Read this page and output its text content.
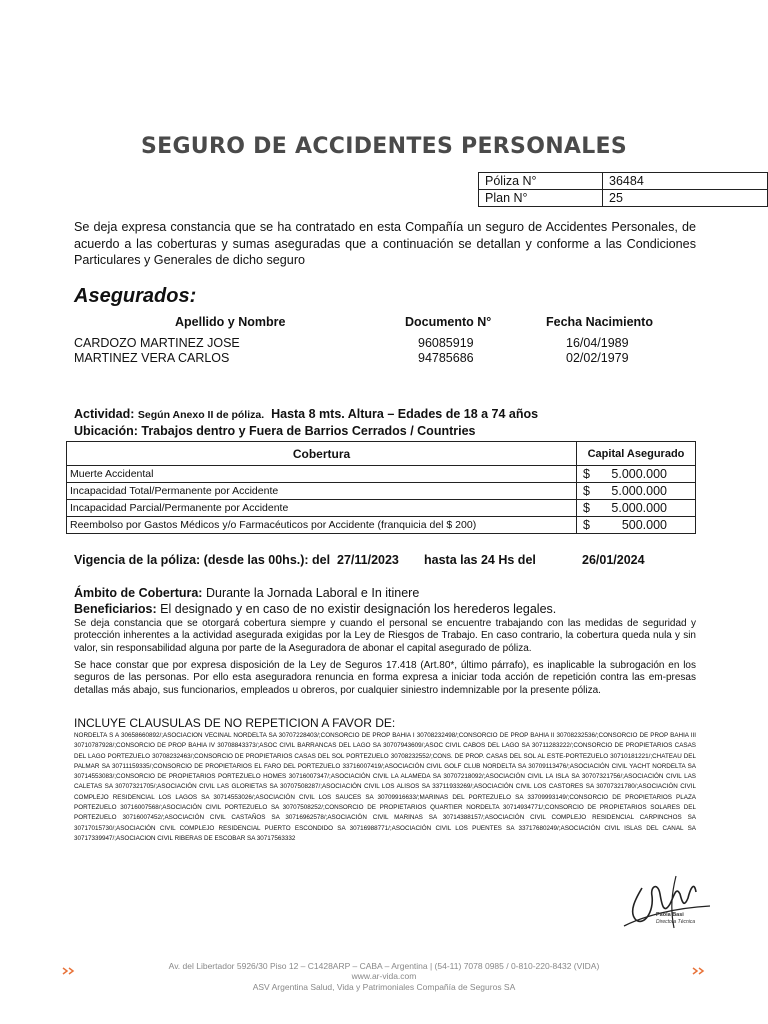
SEGURO DE ACCIDENTES PERSONALES
Póliza N°	36484
Plan N°	25

Se deja expresa constancia que se ha contratado en esta Compañía un seguro de Accidentes Personales, de acuerdo a las coberturas y sumas aseguradas que a continuación se detallan y conforme a las Condiciones Particulares y Generales de dicho seguro

Asegurados:
Apellido y Nombre	Documento N°	Fecha Nacimiento
CARDOZO MARTINEZ JOSE	96085919	16/04/1989
MARTINEZ VERA CARLOS	94785686	02/02/1979
Actividad: Según Anexo II de póliza. Hasta 8 mts. Altura – Edades de 18 a 74 años
Ubicación: Trabajos dentro y Fuera de Barrios Cerrados / Countries
Cobertura	Capital Asegurado
Muerte Accidental	$ 5.000.000

Incapacidad Total/Permanente por Accidente	$ 5.000.000

Incapacidad Parcial/Permanente por Accidente	$ 5.000.000

Reembolso por Gastos Médicos y/o Farmacéuticos por Accidente (franquicia del $ 200)	$ 500.000
Vigencia de la póliza: (desde las 00hs.): del 27/11/2023 hasta las 24 Hs del	26/01/2024
Ámbito de Cobertura: Durante la Jornada Laboral e In itinere
Beneficiarios: El designado y en caso de no existir designación los herederos legales.

Se deja constancia que se otorgará cobertura siempre y cuando el personal se encuentre trabajando con las medidas de seguridad y protección inherentes a la actividad asegurada exigidas por la Ley de Riesgos de Trabajo. En caso contrario, la cobertura queda nula y sin valor, sin responsabilidad alguna por parte de la Aseguradora de abonar el capital asegurado de póliza.

Se hace constar que por expresa disposición de la Ley de Seguros 17.418 (Art.80*, último párrafo), es inaplicable la subrogación en los seguros de las personas. Por ello esta aseguradora renuncia en forma expresa a iniciar toda acción de repetición contra las em-presas detallas más abajo, sus funcionarios, empleados u obreros, por cualquier siniestro indemnizable por la presente póliza.

INCLUYE CLAUSULAS DE NO REPETICION A FAVOR DE:

NORDELTA S A 30658660892/;ASOCIACION VECINAL NORDELTA SA 30707228403/;CONSORCIO DE PROP BAHIA I 30708232498/;CONSORCIO DE PROP BAHIA II 30708232536/;CONSORCIO DE PROP BAHIA III 30710787928/;CONSORCIO DE PROP BAHIA IV 30708843373/;ASOC CIVIL BARRANCAS DEL LAGO SA 30707943609/;ASOC CIVIL CABOS DEL LAGO SA 30711283222/;CONSORCIO DE PROPIETARIOS CASAS DEL LAGO PORTEZUELO 30708232463/;CONSORCIO DE PROPIETARIOS CASAS DEL SOL PORTEZUELO 30708232552/;CONS. DE PROP. CASAS DEL SOL AL ESTE-PORTEZUELO 30710181221/;CHATEAU DEL PALMAR SA 30711159335/;CONSORCIO DE PROPIETARIOS EL FARO DEL PORTEZUELO 33716007419/;ASOCIACIÓN CIVIL GOLF CLUB NORDELTA SA 30709113476/;ASOCIACIÓN CIVIL YACHT NORDELTA SA 30714553083/;CONSORCIO DE PROPIETARIOS PORTEZUELO HOMES 30716007347/;ASOCIACIÓN CIVIL LA ALAMEDA SA 30707218092/;ASOCIACIÓN CIVIL LA ISLA SA 30707321756/;ASOCIACIÓN CIVIL LAS CALETAS SA 30707321705/;ASOCIACIÓN CIVIL LAS GLORIETAS SA 30707508287/;ASOCIACIÓN CIVIL LOS ALISOS SA 33711933269/;ASOCIACIÓN CIVIL LOS CASTORES SA 30707321780/;ASOCIACIÓN CIVIL COMPLEJO RESIDENCIAL LOS LAGOS SA 30714553026/;ASOCIACIÓN CIVIL LOS SAUCES SA 30709916633/;MARINAS DEL PORTEZUELO SA 33709993149/;CONSORCIO DE PROPIETARIOS PLAZA PORTEZUELO 30716007568/;ASOCIACIÓN CIVIL PORTEZUELO SA 30707508252/;CONSORCIO DE PROPIETARIOS QUARTIER NORDELTA 30714934771/;CONSORCIO DE PROPIETARIOS SOLARES DEL PORTEZUELO 30716007452/;ASOCIACIÓN CIVIL CASTAÑOS SA 30716962578/;ASOCIACIÓN CIVIL MARINAS SA 30714388157/;ASOCIACIÓN CIVIL COMPLEJO RESIDENCIAL CARPINCHOS SA 30717015730/;ASOCIACIÓN CIVIL COMPLEJO RESIDENCIAL PUERTO ESCONDIDO SA 30716988771/;ASOCIACIÓN CIVIL LOS PUENTES SA 33717680249/;ASOCIACIÓN CIVIL ISLAS DEL CANAL SA 30717339947/;ASOCIACION CIVIL RIBERAS DE ESCOBAR SA 30717563332

Paola Basi
Directora Técnica
Av. del Libertador 5926/30 Piso 12 – C1428ARP – CABA – Argentina | (54-11) 7078 0985 / 0-810-220-8432 (VIDA)
www.ar-vida.com
ASV Argentina Salud, Vida y Patrimoniales Compañía de Seguros SA
